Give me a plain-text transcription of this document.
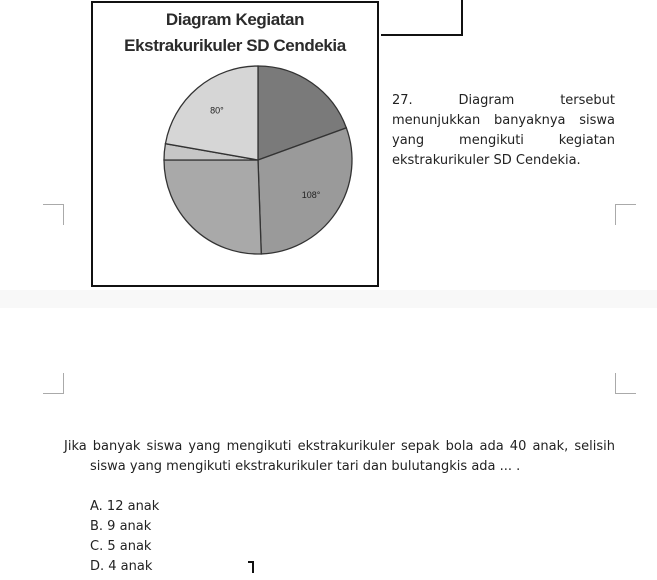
Diagram Kegiatan
Ekstrakurikuler SD Cendekia
108°
80°
27. Diagram tersebut menunjukkan banyaknya siswa yang mengikuti kegiatan ekstrakurikuler SD Cendekia.
Jika banyak siswa yang mengikuti ekstrakurikuler sepak bola ada 40 anak, selisih
siswa yang mengikuti ekstrakurikuler tari dan bulutangkis ada ... .
A. 12 anak
B. 9 anak
C. 5 anak
D. 4 anak
